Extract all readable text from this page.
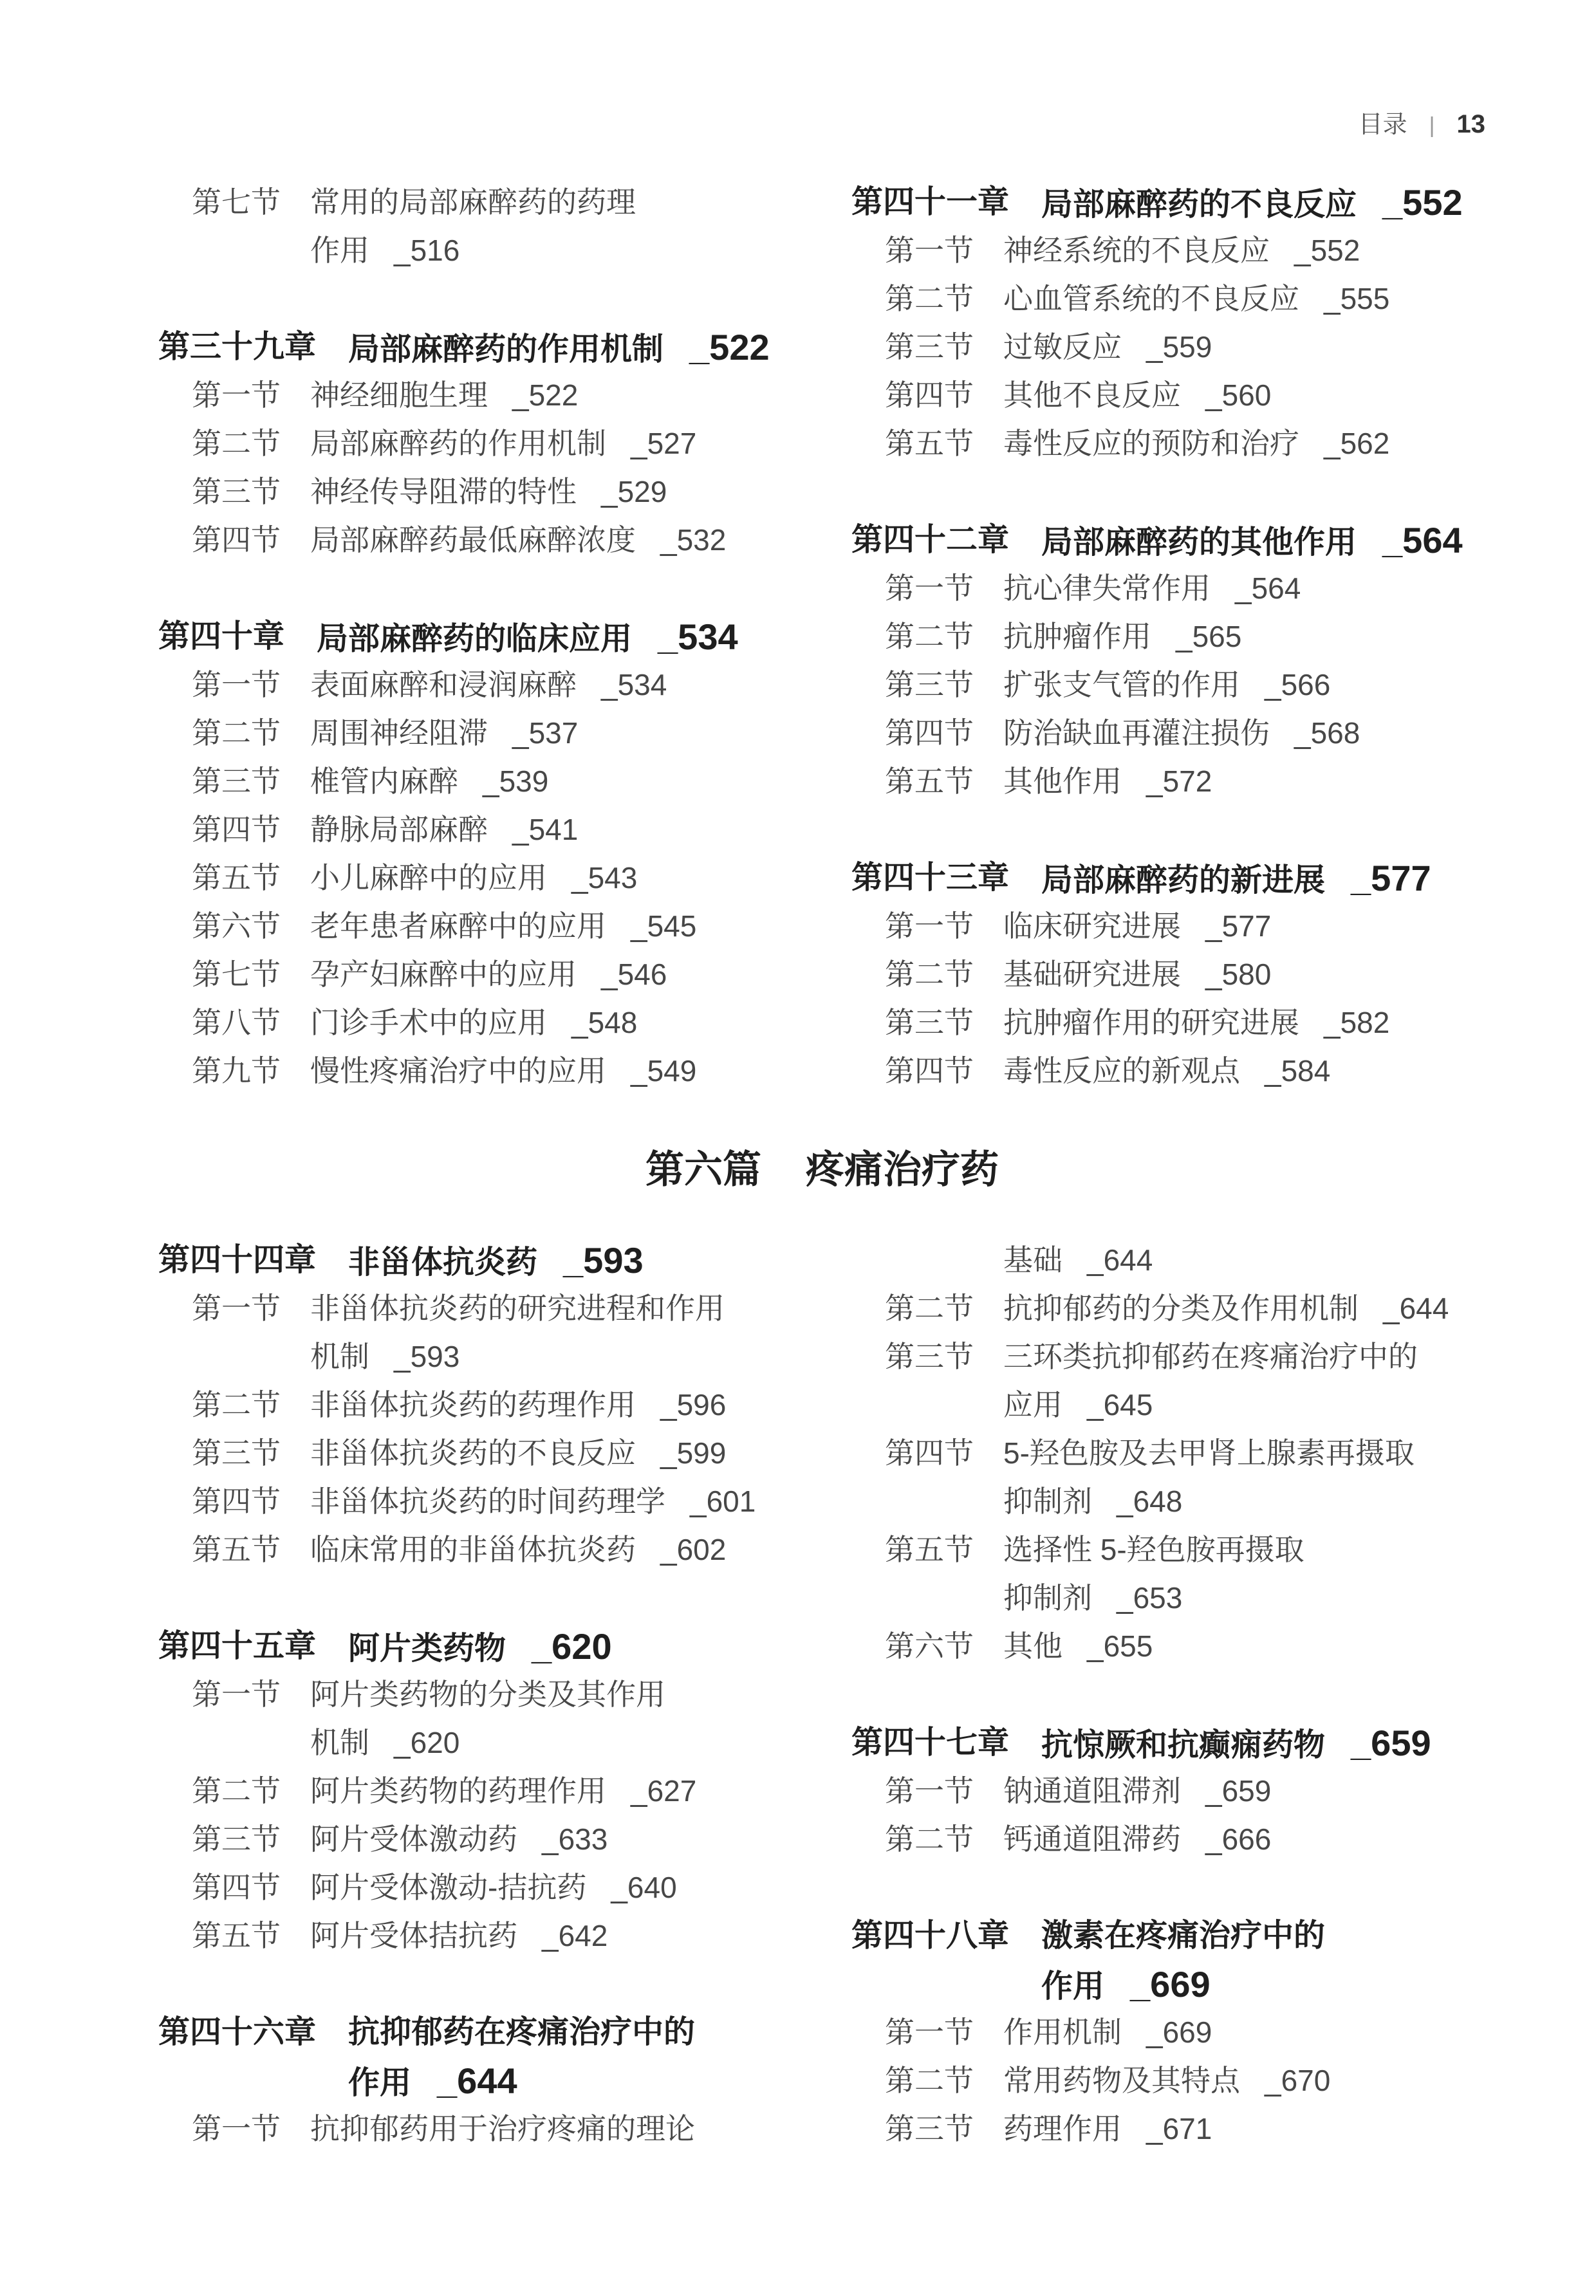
目录 | 13
第七节	常用的局部麻醉药的药理
作用 _516
第三十九章 局部麻醉药的作用机制 _522
第一节	神经细胞生理 _522
第二节	局部麻醉药的作用机制 _527
第三节	神经传导阻滞的特性 _529
第四节	局部麻醉药最低麻醉浓度 _532
第四十章 局部麻醉药的临床应用 _534
第一节	表面麻醉和浸润麻醉 _534
第二节	周围神经阻滞 _537
第三节	椎管内麻醉 _539
第四节	静脉局部麻醉 _541
第五节	小儿麻醉中的应用 _543
第六节	老年患者麻醉中的应用 _545
第七节	孕产妇麻醉中的应用 _546
第八节	门诊手术中的应用 _548
第九节	慢性疼痛治疗中的应用 _549
第四十一章 局部麻醉药的不良反应 _552
第一节	神经系统的不良反应 _552
第二节	心血管系统的不良反应 _555
第三节	过敏反应 _559
第四节	其他不良反应 _560
第五节	毒性反应的预防和治疗 _562
第四十二章 局部麻醉药的其他作用 _564
第一节	抗心律失常作用 _564
第二节	抗肿瘤作用 _565
第三节	扩张支气管的作用 _566
第四节	防治缺血再灌注损伤 _568
第五节	其他作用 _572
第四十三章 局部麻醉药的新进展 _577
第一节	临床研究进展 _577
第二节	基础研究进展 _580
第三节	抗肿瘤作用的研究进展 _582
第四节	毒性反应的新观点 _584
第六篇 疼痛治疗药
第四十四章 非甾体抗炎药 _593
第一节	非甾体抗炎药的研究进程和作用
机制 _593
第二节	非甾体抗炎药的药理作用 _596
第三节	非甾体抗炎药的不良反应 _599
第四节	非甾体抗炎药的时间药理学 _601
第五节	临床常用的非甾体抗炎药 _602
第四十五章 阿片类药物 _620
第一节	阿片类药物的分类及其作用
机制 _620
第二节	阿片类药物的药理作用 _627
第三节	阿片受体激动药 _633
第四节	阿片受体激动-拮抗药 _640
第五节	阿片受体拮抗药 _642
第四十六章 抗抑郁药在疼痛治疗中的
作用 _644
第一节	抗抑郁药用于治疗疼痛的理论
基础 _644
第二节	抗抑郁药的分类及作用机制 _644
第三节	三环类抗抑郁药在疼痛治疗中的
应用 _645
第四节	5-羟色胺及去甲肾上腺素再摄取
抑制剂 _648
第五节	选择性 5-羟色胺再摄取
抑制剂 _653
第六节	其他 _655
第四十七章 抗惊厥和抗癫痫药物 _659
第一节	钠通道阻滞剂 _659
第二节	钙通道阻滞药 _666
第四十八章 激素在疼痛治疗中的
作用 _669
第一节	作用机制 _669
第二节	常用药物及其特点 _670
第三节	药理作用 _671
